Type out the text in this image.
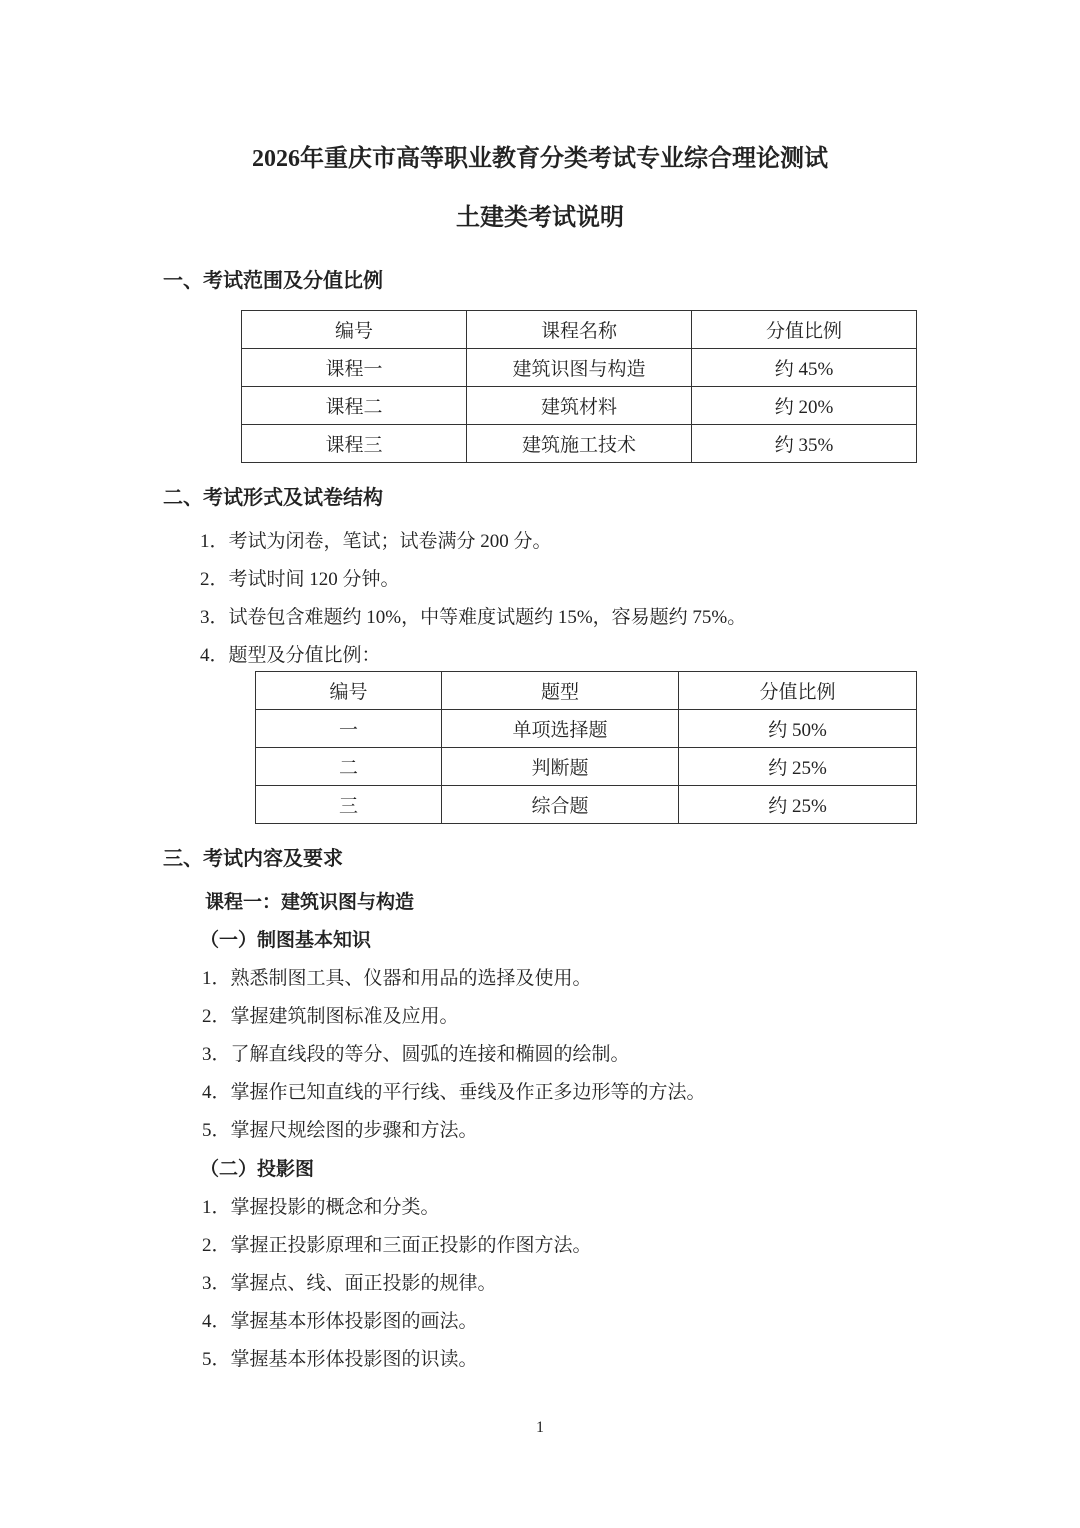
2026年重庆市高等职业教育分类考试专业综合理论测试
土建类考试说明
一、考试范围及分值比例
编号	课程名称	分值比例
课程一	建筑识图与构造	约 45%
课程二	建筑材料	约 20%
课程三	建筑施工技术	约 35%
二、考试形式及试卷结构
1．考试为闭卷，笔试；试卷满分 200 分。
2．考试时间 120 分钟。
3．试卷包含难题约 10%，中等难度试题约 15%，容易题约 75%。
4．题型及分值比例：
编号	题型	分值比例
一	单项选择题	约 50%
二	判断题	约 25%
三	综合题	约 25%
三、考试内容及要求
课程一：建筑识图与构造
（一）制图基本知识
1．熟悉制图工具、仪器和用品的选择及使用。
2．掌握建筑制图标准及应用。
3．了解直线段的等分、圆弧的连接和椭圆的绘制。
4．掌握作已知直线的平行线、垂线及作正多边形等的方法。
5．掌握尺规绘图的步骤和方法。
（二）投影图
1．掌握投影的概念和分类。
2．掌握正投影原理和三面正投影的作图方法。
3．掌握点、线、面正投影的规律。
4．掌握基本形体投影图的画法。
5．掌握基本形体投影图的识读。
1
